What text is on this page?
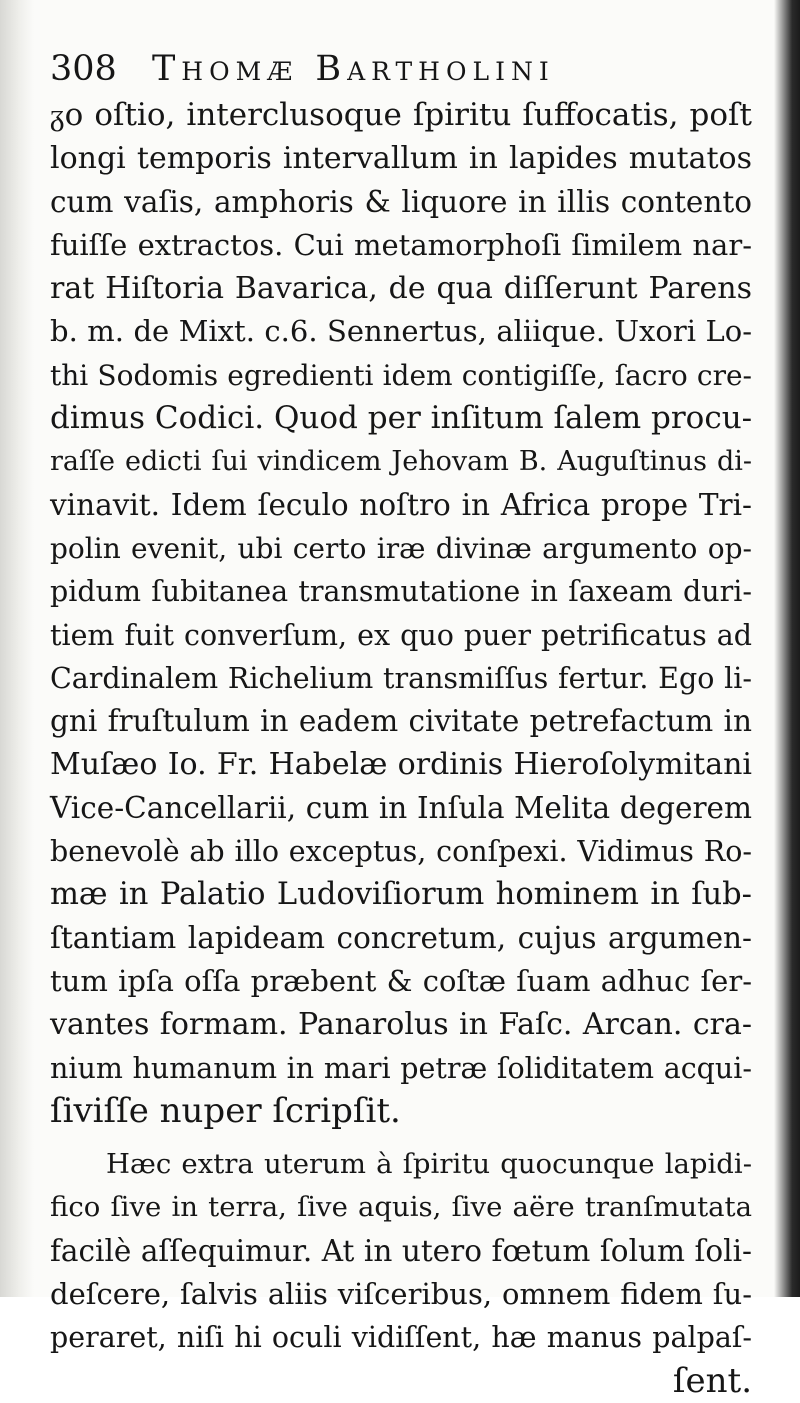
308 Thomæ Bartholini
ᵹo oſtio, interclusoque ſpiritu ſuffocatis, poſt
longi temporis intervallum in lapides mutatos
cum vaſis, amphoris & liquore in illis contento
fuiſſe extractos. Cui metamorphoſi ſimilem nar-
rat Hiſtoria Bavarica, de qua diſſerunt Parens
b. m. de Mixt. c.6. Sennertus, aliique. Uxori Lo-
thi Sodomis egredienti idem contigiſſe, ſacro cre-
dimus Codici. Quod per inſitum ſalem procu-
raſſe edicti ſui vindicem Jehovam B. Auguſtinus di-
vinavit. Idem ſeculo noſtro in Africa prope Tri-
polin evenit, ubi certo iræ divinæ argumento op-
pidum ſubitanea transmutatione in ſaxeam duri-
tiem fuit converſum, ex quo puer petrificatus ad
Cardinalem Richelium transmiſſus fertur. Ego li-
gni fruſtulum in eadem civitate petrefactum in
Muſæo Io. Fr. Habelæ ordinis Hieroſolymitani
Vice-Cancellarii, cum in Inſula Melita degerem
benevolè ab illo exceptus, conſpexi. Vidimus Ro-
mæ in Palatio Ludoviſiorum hominem in ſub-
ſtantiam lapideam concretum, cujus argumen-
tum ipſa oſſa præbent & coſtæ ſuam adhuc ſer-
vantes formam. Panarolus in Faſc. Arcan. cra-
nium humanum in mari petræ ſoliditatem acqui-
ſiviſſe nuper ſcripſit.
Hæc extra uterum à ſpiritu quocunque lapidi-
fico ſive in terra, ſive aquis, ſive aëre tranſmutata
facilè aſſequimur. At in utero fœtum ſolum ſoli-
deſcere, ſalvis aliis viſceribus, omnem fidem ſu-
peraret, niſi hi oculi vidiſſent, hæ manus palpaſ-
ſent.
